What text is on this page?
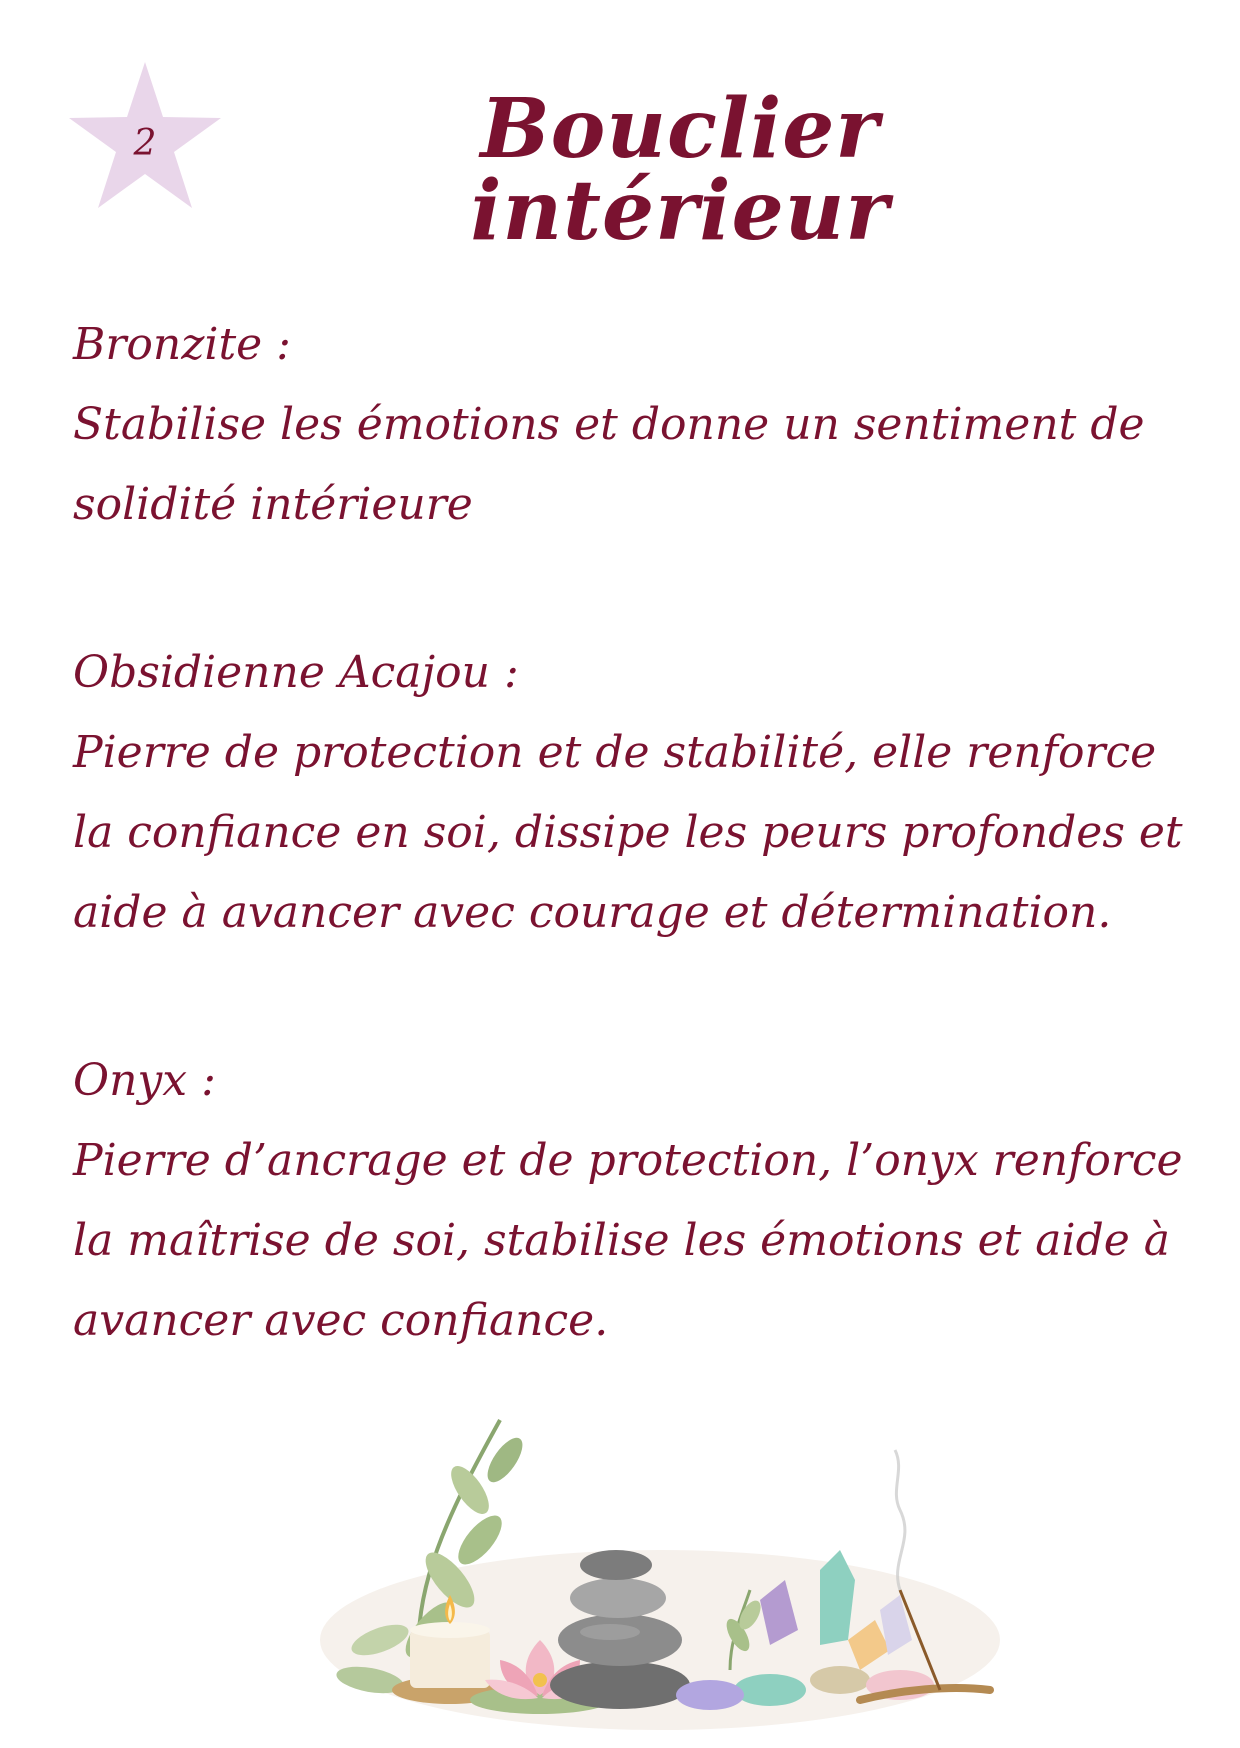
2	Bouclier intérieur

Bronzite :

Stabilise les émotions et donne un sentiment de solidité intérieure

Obsidienne Acajou :

Pierre de protection et de stabilité, elle renforce la confiance en soi, dissipe les peurs profondes et aide à avancer avec courage et détermination.

Onyx :

Pierre d’ancrage et de protection, l’onyx renforce la maîtrise de soi, stabilise les émotions et aide à avancer avec confiance.
